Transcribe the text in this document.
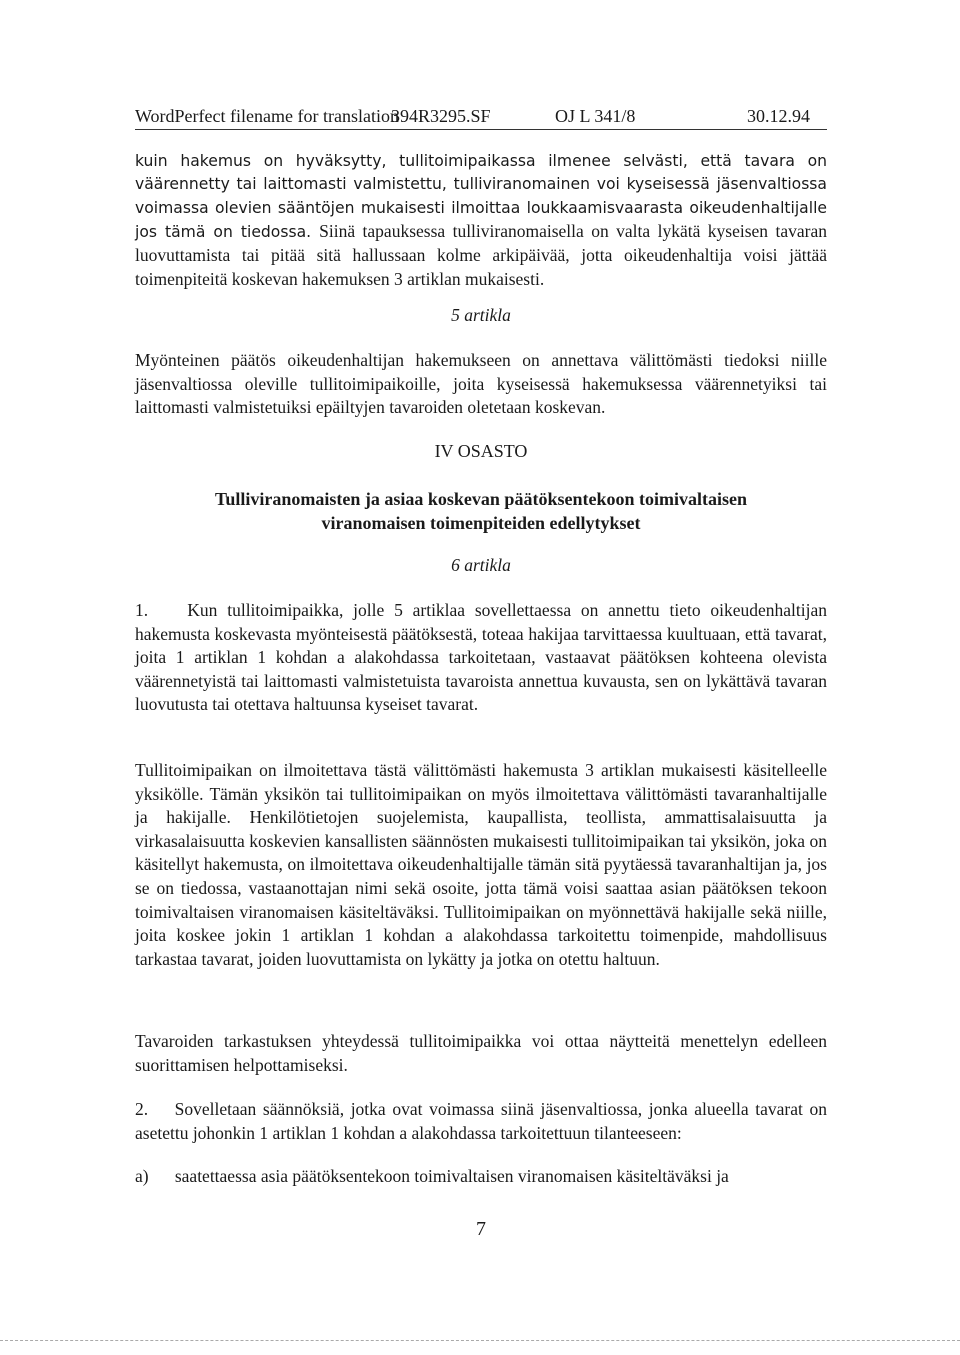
WordPerfect filename for translation
394R3295.SF	OJ L 341/8	30.12.94

kuin hakemus on hyväksytty, tullitoimipaikassa ilmenee selvästi, että tavara on väärennetty tai laittomasti valmistettu, tulliviranomainen voi kyseisessä jäsenvaltiossa voimassa olevien sääntöjen mukaisesti ilmoittaa loukkaamisvaarasta oikeudenhaltijalle jos tämä on tiedossa. Siinä tapauksessa tulliviranomaisella on valta lykätä kyseisen tavaran luovuttamista tai pitää sitä hallussaan kolme arkipäivää, jotta oikeudenhaltija voisi jättää toimenpiteitä koskevan hakemuksen 3 artiklan mukaisesti.

5 artikla

Myönteinen päätös oikeudenhaltijan hakemukseen on annettava välittömästi tiedoksi niille jäsenvaltiossa oleville tullitoimipaikoille, joita kyseisessä hakemuksessa väärennetyiksi tai laittomasti valmistetuiksi epäiltyjen tavaroiden oletetaan koskevan.

IV OSASTO
Tulliviranomaisten ja asiaa koskevan päätöksentekoon toimivaltaisen
viranomaisen toimenpiteiden edellytykset
6 artikla

1.    Kun tullitoimipaikka, jolle 5 artiklaa sovellettaessa on annettu tieto oikeudenhaltijan hakemusta koskevasta myönteisestä päätöksestä, toteaa hakijaa tarvittaessa kuultuaan, että tavarat, joita 1 artiklan 1 kohdan a alakohdassa tarkoitetaan, vastaavat päätöksen kohteena olevista väärennetyistä tai laittomasti valmistetuista tavaroista annettua kuvausta, sen on lykättävä tavaran luovutusta tai otettava haltuunsa kyseiset tavarat.

Tullitoimipaikan on ilmoitettava tästä välittömästi hakemusta 3 artiklan mukaisesti käsitelleelle yksikölle. Tämän yksikön tai tullitoimipaikan on myös ilmoitettava välittömästi tavaranhaltijalle ja hakijalle. Henkilötietojen suojelemista, kaupallista, teollista, ammattisalaisuutta ja virkasalaisuutta koskevien kansallisten säännösten mukaisesti tullitoimipaikan tai yksikön, joka on käsitellyt hakemusta, on ilmoitettava oikeudenhaltijalle tämän sitä pyytäessä tavaranhaltijan ja, jos se on tiedossa, vastaanottajan nimi sekä osoite, jotta tämä voisi saattaa asian päätöksen tekoon toimivaltaisen viranomaisen käsiteltäväksi. Tullitoimipaikan on myönnettävä hakijalle sekä niille, joita koskee jokin 1 artiklan 1 kohdan a alakohdassa tarkoitettu toimenpide, mahdollisuus tarkastaa tavarat, joiden luovuttamista on lykätty ja jotka on otettu haltuun.

Tavaroiden tarkastuksen yhteydessä tullitoimipaikka voi ottaa näytteitä menettelyn edelleen suorittamisen helpottamiseksi.

2.    Sovelletaan säännöksiä, jotka ovat voimassa siinä jäsenvaltiossa, jonka alueella tavarat on asetettu johonkin 1 artiklan 1 kohdan a alakohdassa tarkoitettuun tilanteeseen:

a)      saatettaessa asia päätöksentekoon toimivaltaisen viranomaisen käsiteltäväksi ja

7
